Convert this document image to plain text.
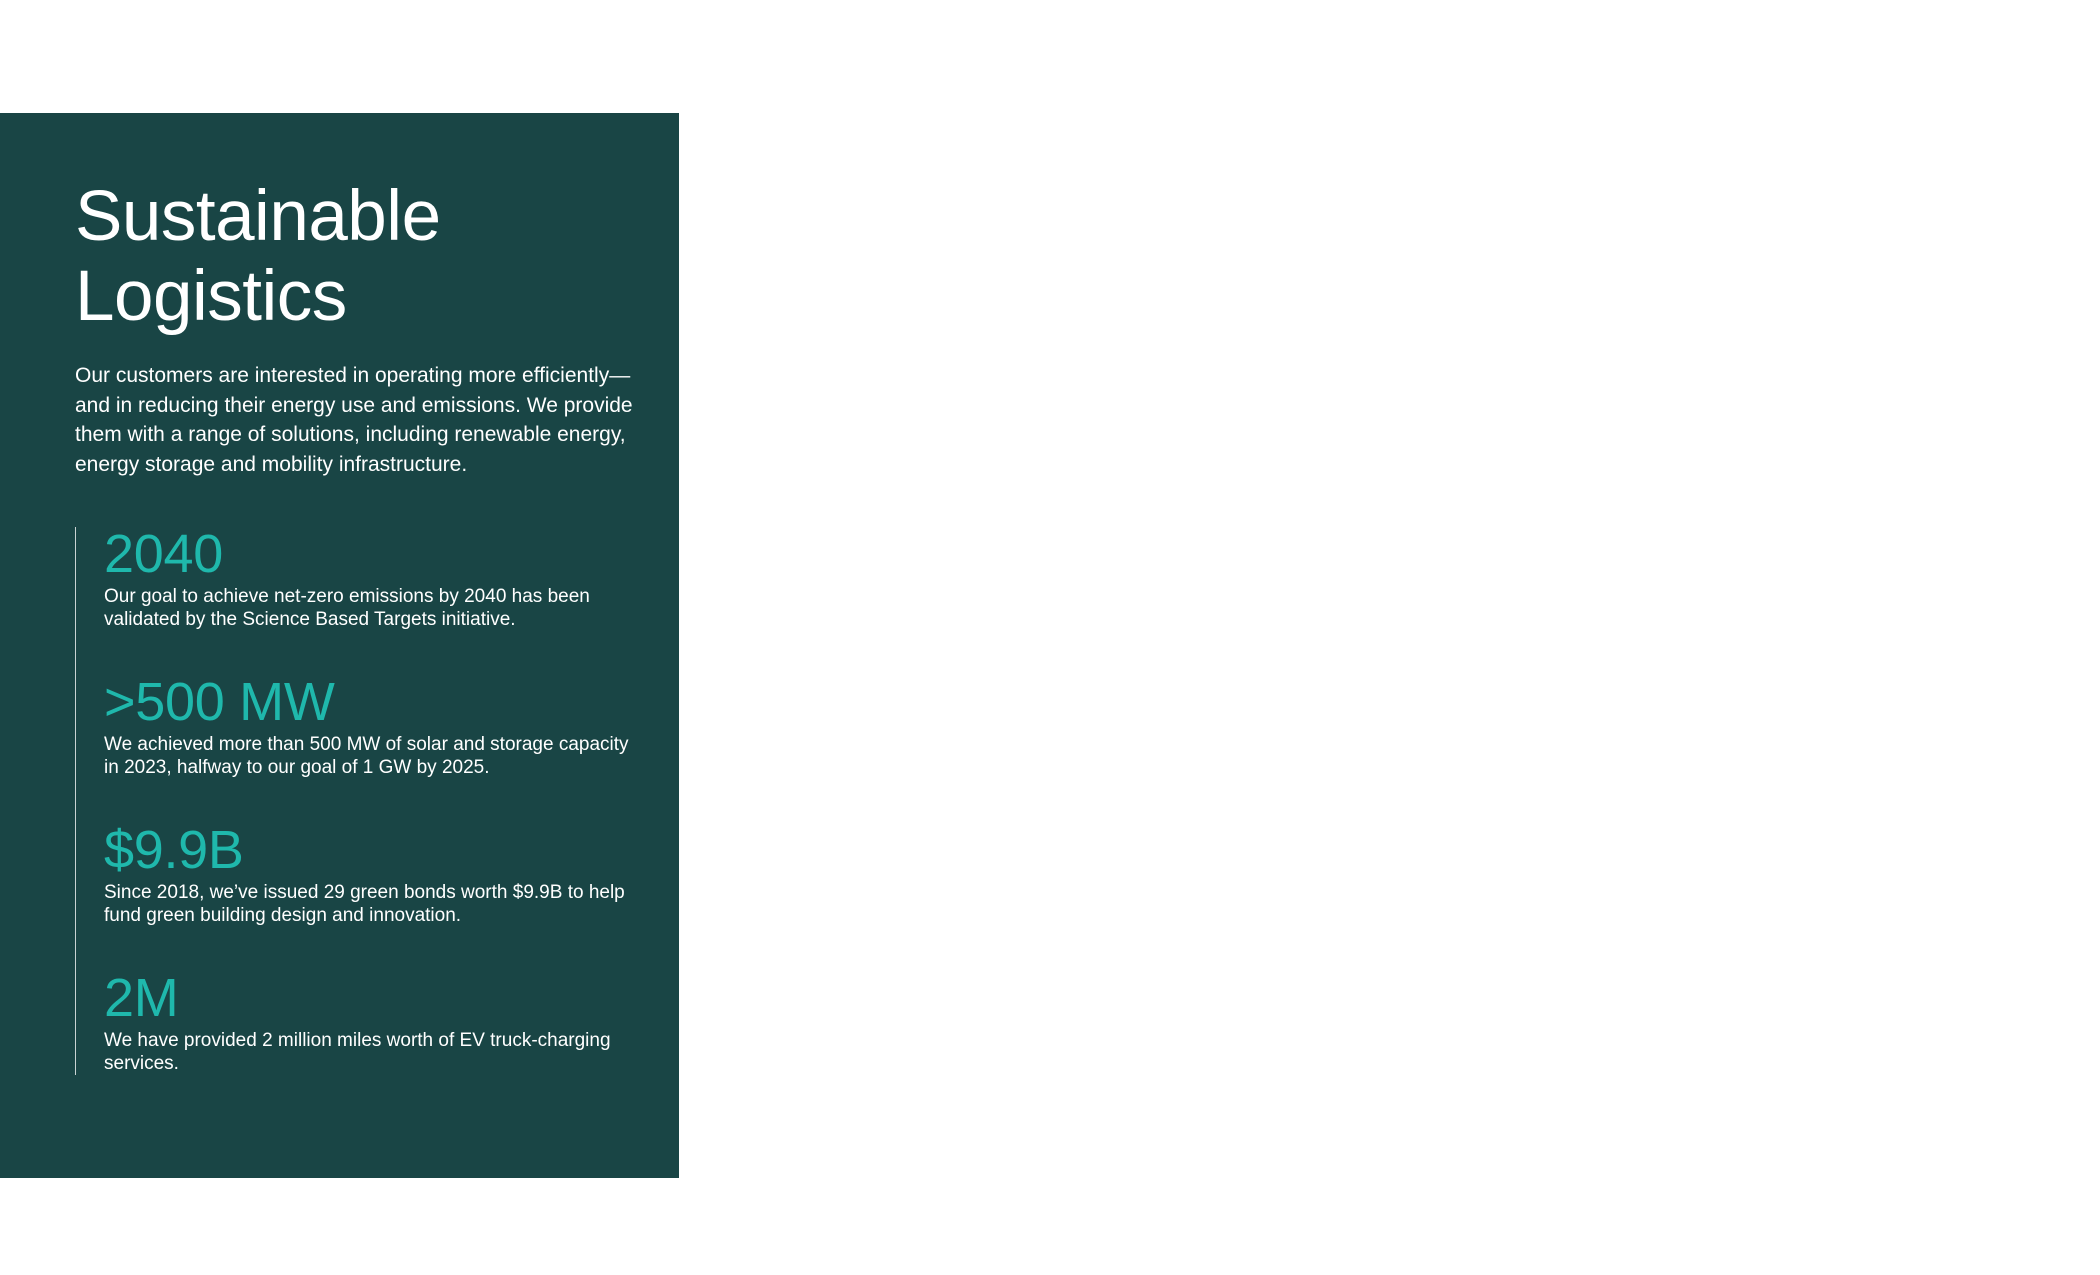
Sustainable
Logistics

Our customers are interested in operating more efficiently—and in reducing their energy use and emissions. We provide them with a range of solutions, including renewable energy, energy storage and mobility infrastructure.

2040
Our goal to achieve net-zero emissions by 2040 has been validated by the Science Based Targets initiative.
>500 MW
We achieved more than 500 MW of solar and storage capacity in 2023, halfway to our goal of 1 GW by 2025.
$9.9B
Since 2018, we’ve issued 29 green bonds worth $9.9B to help fund green building design and innovation.
2M
We have provided 2 million miles worth of EV truck-charging services.
